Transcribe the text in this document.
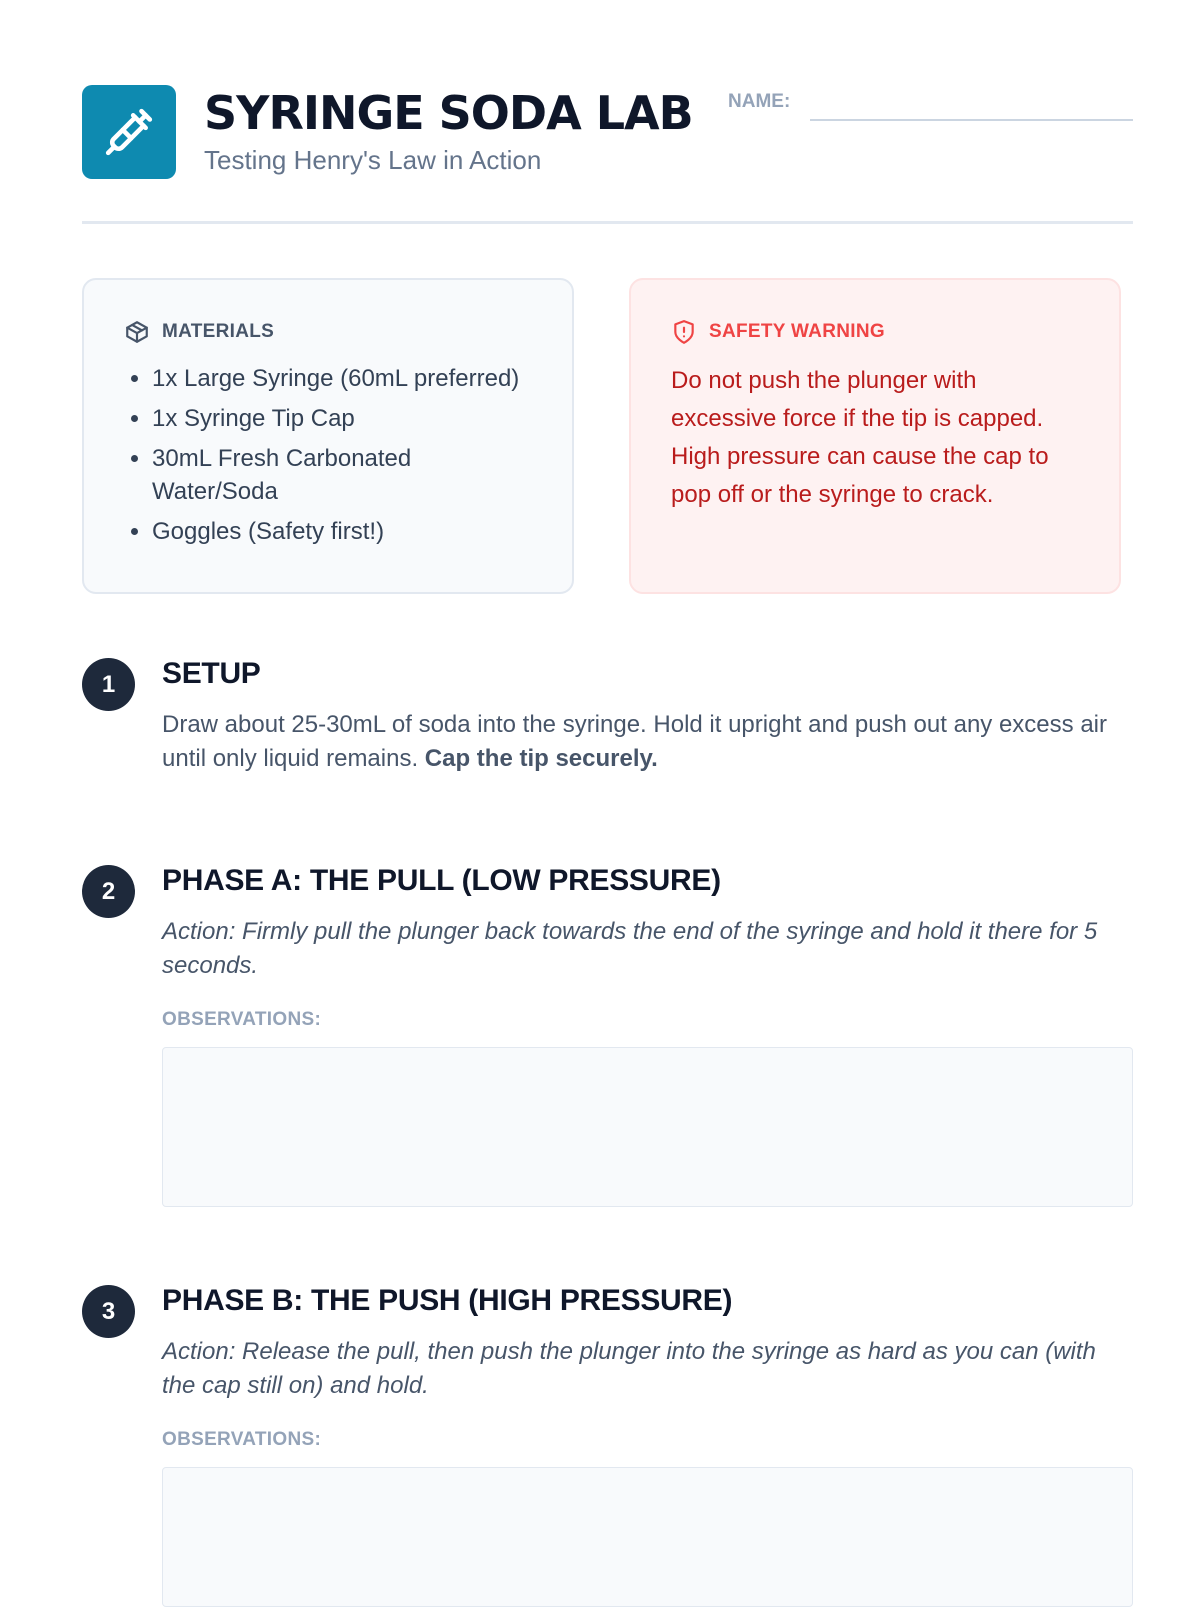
SYRINGE SODA LAB

Testing Henry's Law in Action

NAME:
MATERIALS
• 1x Large Syringe (60mL preferred)
• 1x Syringe Tip Cap
• 30mL Fresh Carbonated Water/Soda
• Goggles (Safety first!)
SAFETY WARNING

Do not push the plunger with excessive force if the tip is capped. High pressure can cause the cap to pop off or the syringe to crack.

1	SETUP

Draw about 25-30mL of soda into the syringe. Hold it upright and push out any excess air until only liquid remains. Cap the tip securely.

2	PHASE A: THE PULL (LOW PRESSURE)

Action: Firmly pull the plunger back towards the end of the syringe and hold it there for 5 seconds.

OBSERVATIONS:
3	PHASE B: THE PUSH (HIGH PRESSURE)

Action: Release the pull, then push the plunger into the syringe as hard as you can (with the cap still on) and hold.

OBSERVATIONS:
